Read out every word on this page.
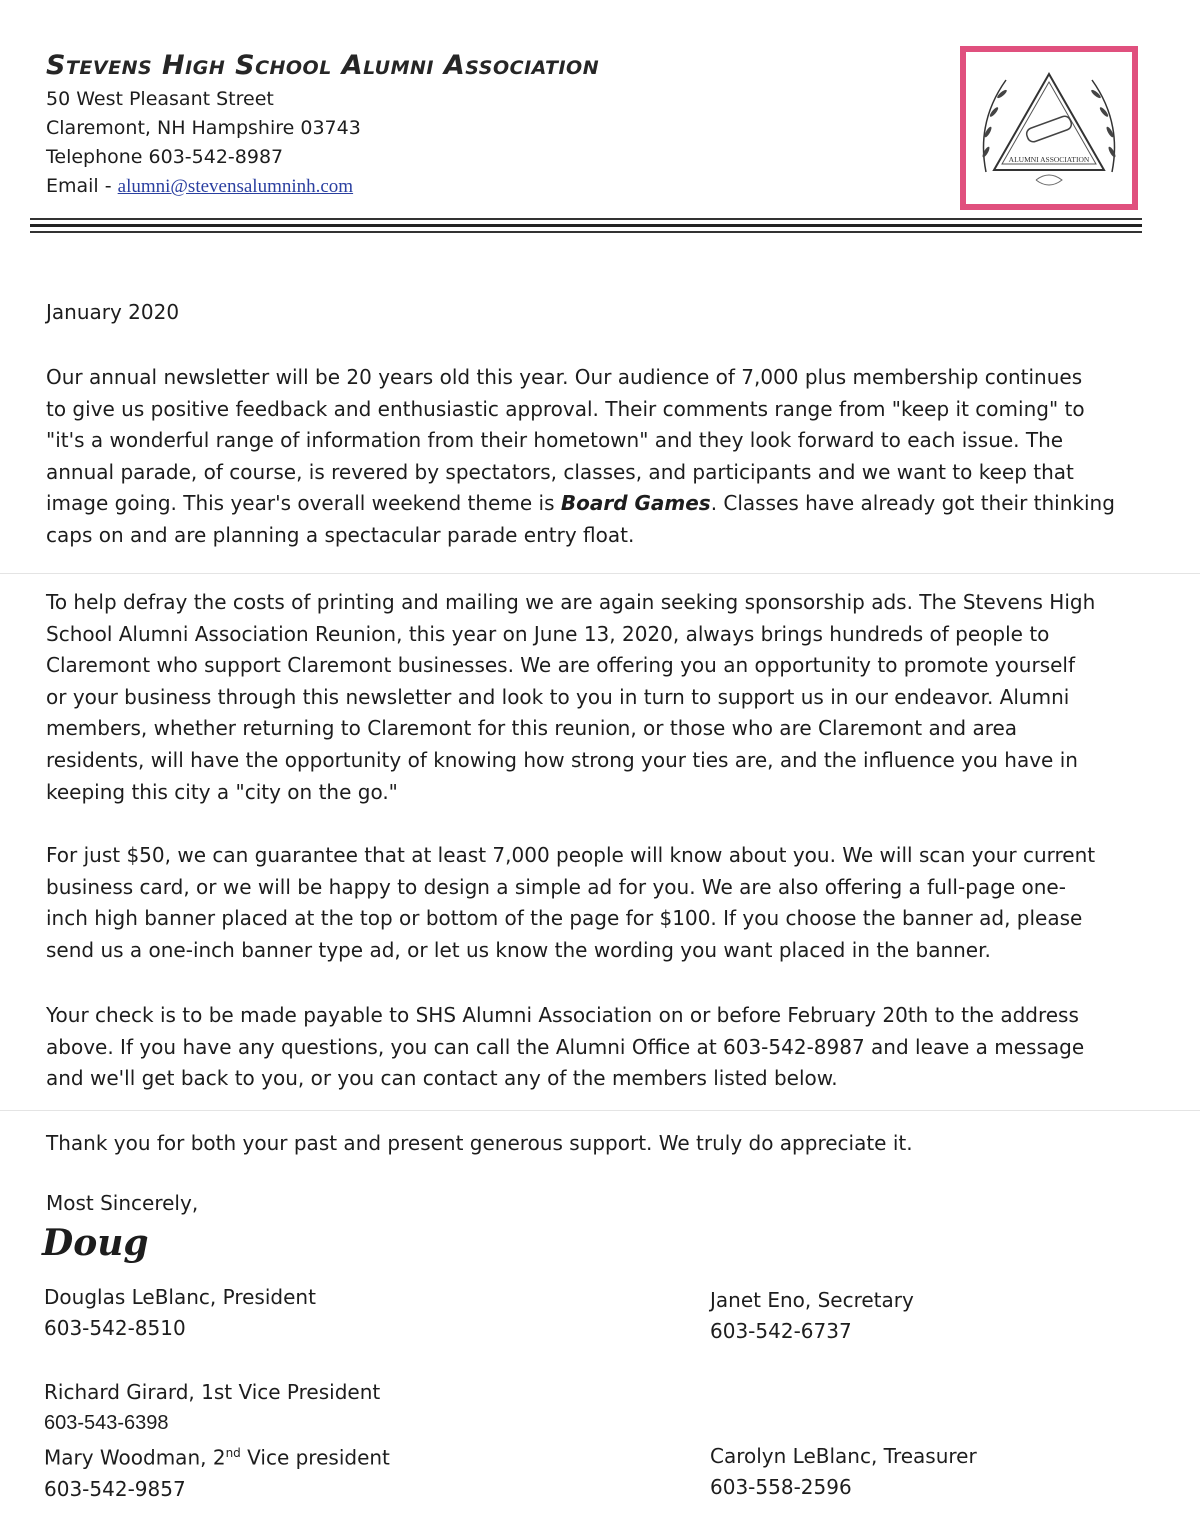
Stevens High School Alumni Association
50 West Pleasant Street
Claremont, NH Hampshire 03743
Telephone 603-542-8987
Email - alumni@stevensalumninh.com
ALUMNI ASSOCIATION
January 2020
Our annual newsletter will be 20 years old this year. Our audience of 7,000 plus membership continues
to give us positive feedback and enthusiastic approval. Their comments range from "keep it coming" to
"it's a wonderful range of information from their hometown" and they look forward to each issue. The
annual parade, of course, is revered by spectators, classes, and participants and we want to keep that
image going. This year's overall weekend theme is Board Games. Classes have already got their thinking
caps on and are planning a spectacular parade entry float.
To help defray the costs of printing and mailing we are again seeking sponsorship ads. The Stevens High
School Alumni Association Reunion, this year on June 13, 2020, always brings hundreds of people to
Claremont who support Claremont businesses. We are offering you an opportunity to promote yourself
or your business through this newsletter and look to you in turn to support us in our endeavor. Alumni
members, whether returning to Claremont for this reunion, or those who are Claremont and area
residents, will have the opportunity of knowing how strong your ties are, and the influence you have in
keeping this city a "city on the go."
For just $50, we can guarantee that at least 7,000 people will know about you. We will scan your current
business card, or we will be happy to design a simple ad for you. We are also offering a full-page one-
inch high banner placed at the top or bottom of the page for $100. If you choose the banner ad, please
send us a one-inch banner type ad, or let us know the wording you want placed in the banner.
Your check is to be made payable to SHS Alumni Association on or before February 20th to the address
above. If you have any questions, you can call the Alumni Office at 603-542-8987 and leave a message
and we'll get back to you, or you can contact any of the members listed below.
Thank you for both your past and present generous support. We truly do appreciate it.
Most Sincerely,
Doug
Douglas LeBlanc, President
603-542-8510
Janet Eno, Secretary
603-542-6737
Richard Girard, 1st Vice President
603-543-6398
Mary Woodman, 2nd Vice president
603-542-9857
Carolyn LeBlanc, Treasurer
603-558-2596
